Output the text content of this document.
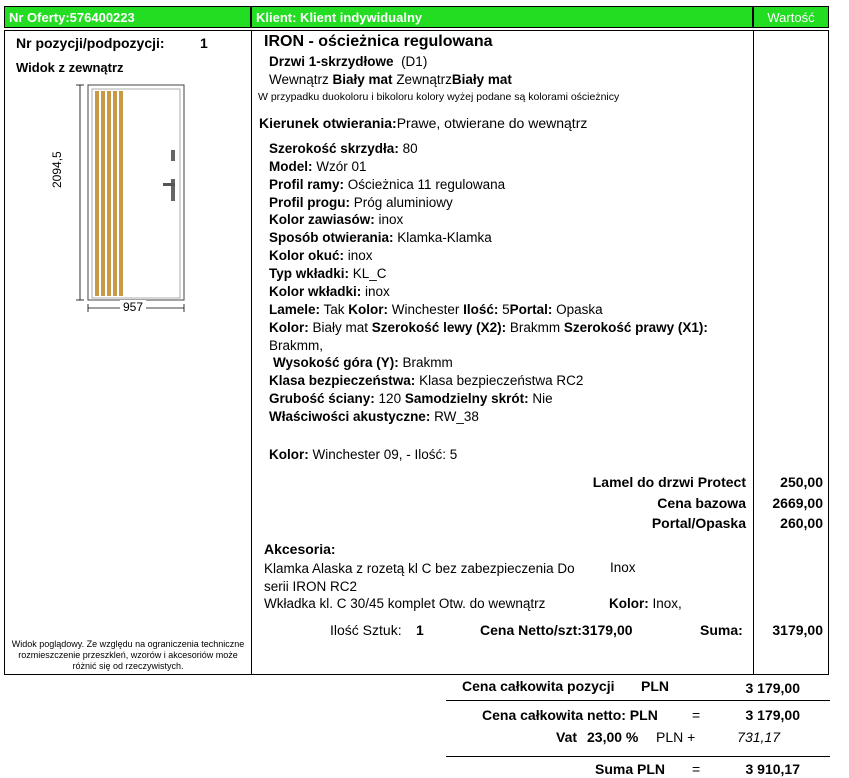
Nr Oferty:576400223	Klient: Klient indywidualny	Wartość
Nr pozycji/podpozycji:	1
Widok z zewnątrz
2094,5
957
Widok poglądowy. Ze względu na ograniczenia techniczne rozmieszczenie przeszkleń, wzorów i akcesoriów może różnić się od rzeczywistych.
IRON - ościeżnica regulowana
Drzwi 1-skrzydłowe (D1)
Wewnątrz Biały mat ZewnątrzBiały mat
W przypadku duokoloru i bikoloru kolory wyżej podane są kolorami ościeżnicy
Kierunek otwierania:Prawe, otwierane do wewnątrz
Szerokość skrzydła: 80
Model: Wzór 01
Profil ramy: Ościeżnica 11 regulowana
Profil progu: Próg aluminiowy
Kolor zawiasów: inox
Sposób otwierania: Klamka-Klamka
Kolor okuć: inox
Typ wkładki: KL_C
Kolor wkładki: inox
Lamele: Tak Kolor: Winchester Ilość: 5Portal: Opaska
Kolor: Biały mat Szerokość lewy (X2): Brakmm Szerokość prawy (X1): Brakmm,
Wysokość góra (Y): Brakmm
Klasa bezpieczeństwa: Klasa bezpieczeństwa RC2
Grubość ściany: 120 Samodzielny skrót: Nie
Właściwości akustyczne: RW_38
Kolor: Winchester 09, - Ilość: 5
Lamel do drzwi Protect 250,00
Cena bazowa 2669,00
Portal/Opaska 260,00
Akcesoria:
Klamka Alaska z rozetą kl C bez zabezpieczenia Do
serii IRON RC2
Inox
Wkładka kl. C 30/45 komplet Otw. do wewnątrz	Kolor: Inox,
Ilość Sztuk: 1	Cena Netto/szt:3179,00	Suma: 3179,00
Cena całkowita pozycji PLN	3 179,00
Cena całkowita netto: PLN =	3 179,00
Vat 23,00 % PLN +	731,17
Suma PLN =	3 910,17
